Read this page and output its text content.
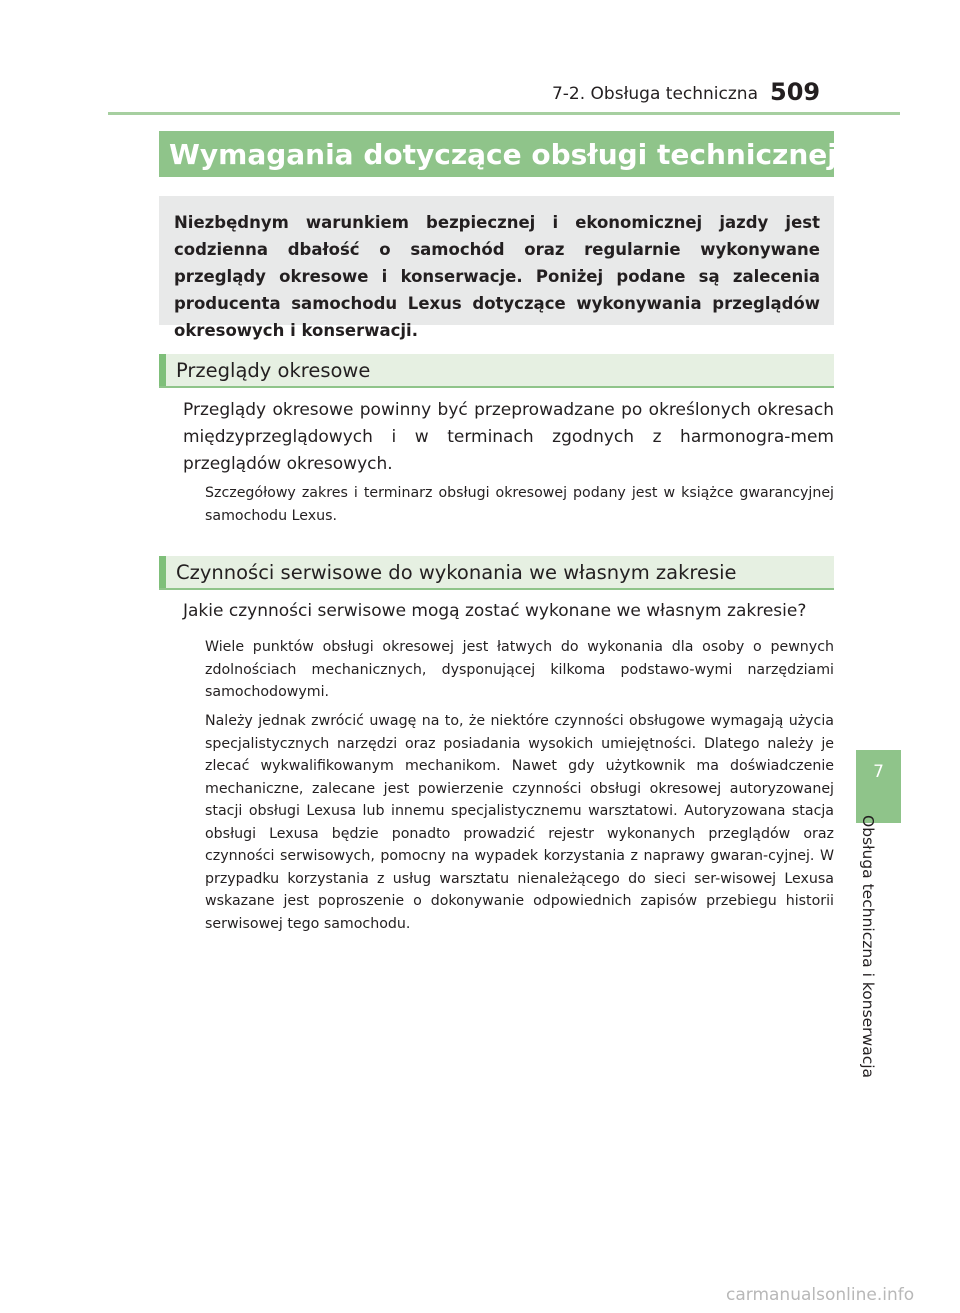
7-2. Obsługa techniczna 509
Wymagania dotyczące obsługi technicznej

Niezbędnym warunkiem bezpiecznej i ekonomicznej jazdy jest codzienna dbałość o samochód oraz regularnie wykonywane przeglądy okresowe i konserwacje. Poniżej podane są zalecenia producenta samochodu Lexus dotyczące wykonywania przeglądów okresowych i konserwacji.

Przeglądy okresowe

Przeglądy okresowe powinny być przeprowadzane po określonych okresach międzyprzeglądowych i w terminach zgodnych z harmonogra-mem przeglądów okresowych.

Szczegółowy zakres i terminarz obsługi okresowej podany jest w książce gwarancyjnej samochodu Lexus.

Czynności serwisowe do wykonania we własnym zakresie

Jakie czynności serwisowe mogą zostać wykonane we własnym zakresie?

Wiele punktów obsługi okresowej jest łatwych do wykonania dla osoby o pewnych zdolnościach mechanicznych, dysponującej kilkoma podstawo-wymi narzędziami samochodowymi.

Należy jednak zwrócić uwagę na to, że niektóre czynności obsługowe wymagają użycia specjalistycznych narzędzi oraz posiadania wysokich umiejętności. Dlatego należy je zlecać wykwalifikowanym mechanikom. Nawet gdy użytkownik ma doświadczenie mechaniczne, zalecane jest powierzenie czynności obsługi okresowej autoryzowanej stacji obsługi Lexusa lub innemu specjalistycznemu warsztatowi. Autoryzowana stacja obsługi Lexusa będzie ponadto prowadzić rejestr wykonanych przeglądów oraz czynności serwisowych, pomocny na wypadek korzystania z naprawy gwaran-cyjnej. W przypadku korzystania z usług warsztatu nienależącego do sieci ser-wisowej Lexusa wskazane jest poproszenie o dokonywanie odpowiednich zapisów przebiegu historii serwisowej tego samochodu.

7
Obsługa techniczna i konserwacja
carmanualsonline.info
